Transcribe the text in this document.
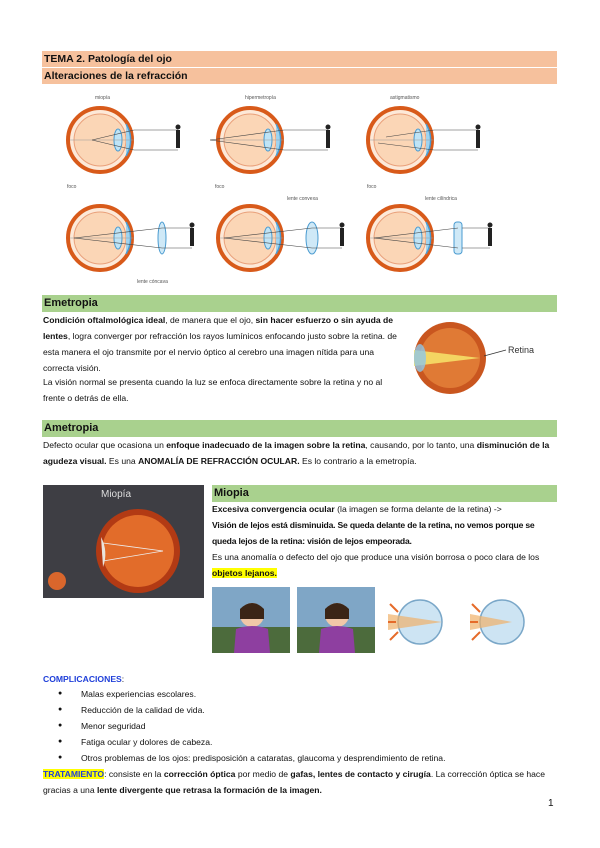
TEMA 2. Patología del ojo
Alteraciones de la refracción
miopía
foco
hipermetropía
foco
astigmatismo
foco
lente cóncava
lente convexa	lente cilíndrica
Emetropia
Condición oftalmológica ideal, de manera que el ojo, sin hacer esfuerzo o sin ayuda de lentes, logra converger por refracción los rayos lumínicos enfocando justo sobre la retina. de esta manera el ojo transmite por el nervio óptico al cerebro una imagen nítida para una correcta visión.
La visión normal se presenta cuando la luz se enfoca directamente sobre la retina y no al frente o detrás de ella.
Retina
Ametropia
Defecto ocular que ocasiona un enfoque inadecuado de la imagen sobre la retina, causando, por lo tanto, una disminución de la agudeza visual. Es una ANOMALÍA DE REFRACCIÓN OCULAR. Es lo contrario a la emetropía.
Miopía	Miopia
Excesiva convergencia ocular (la imagen se forma delante de la retina) ->
Visión de lejos está disminuida. Se queda delante de la retina, no vemos porque se queda lejos de la retina: visión de lejos empeorada.
Es una anomalía o defecto del ojo que produce una visión borrosa o poco clara de los objetos lejanos.
COMPLICACIONES:
● Malas experiencias escolares.
● Reducción de la calidad de vida.
● Menor seguridad
● Fatiga ocular y dolores de cabeza.
● Otros problemas de los ojos: predisposición a cataratas, glaucoma y desprendimiento de retina.
TRATAMIENTO: consiste en la corrección óptica por medio de gafas, lentes de contacto y cirugía. La corrección óptica se hace gracias a una lente divergente que retrasa la formación de la imagen.
1
